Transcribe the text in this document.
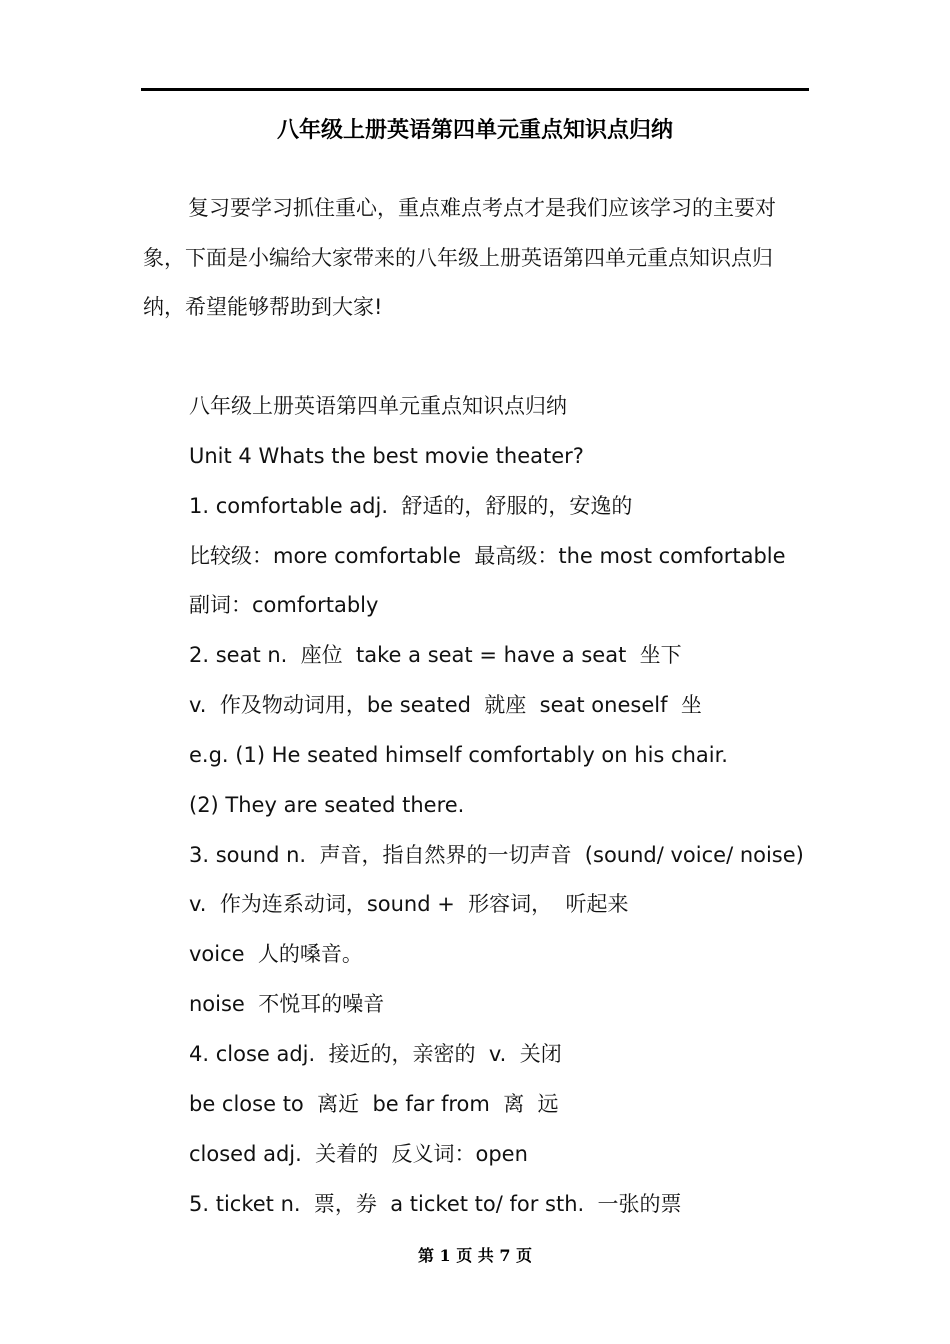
八年级上册英语第四单元重点知识点归纳

复习要学习抓住重心，重点难点考点才是我们应该学习的主要对象，下面是小编给大家带来的八年级上册英语第四单元重点知识点归纳，希望能够帮助到大家!

八年级上册英语第四单元重点知识点归纳
Unit 4 Whats the best movie theater?
1. comfortable adj.  舒适的，舒服的，安逸的
比较级：more comfortable  最高级：the most comfortable
副词：comfortably
2. seat n.  座位  take a seat = have a seat  坐下
v.  作及物动词用，be seated  就座  seat oneself  坐
e.g. (1) He seated himself comfortably on his chair.
(2) They are seated there.
3. sound n.  声音，指自然界的一切声音  (sound/ voice/ noise)
v.  作为连系动词，sound +  形容词，  听起来
voice  人的嗓音。
noise  不悦耳的噪音
4. close adj.  接近的，亲密的  v.  关闭
be close to  离近  be far from  离  远
closed adj.  关着的  反义词：open
5. ticket n.  票，券  a ticket to/ for sth.  一张的票
第 1 页 共 7 页
